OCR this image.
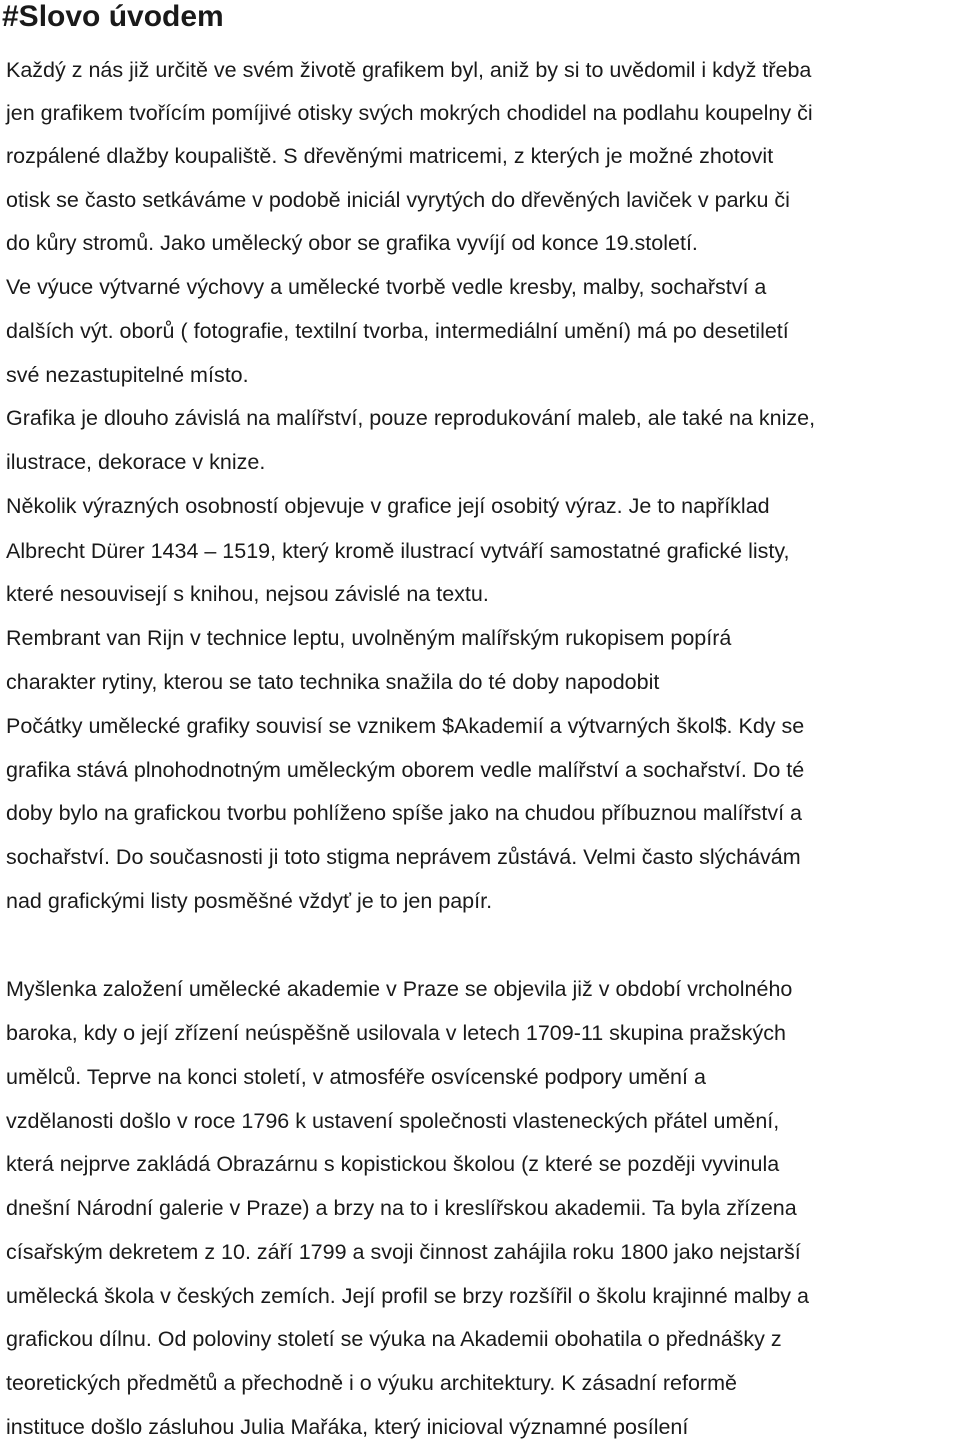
#Slovo úvodem

Každý z nás již určitě ve svém životě grafikem byl, aniž by si to uvědomil i když třeba

jen grafikem tvořícím pomíjivé otisky svých mokrých chodidel na podlahu koupelny či

rozpálené dlažby koupaliště. S dřevěnými matricemi, z kterých je možné zhotovit

otisk se často setkáváme v podobě iniciál vyrytých do dřevěných laviček v parku či

do kůry stromů. Jako umělecký obor se grafika vyvíjí od konce 19.století.

Ve výuce výtvarné výchovy a umělecké tvorbě vedle kresby, malby, sochařství a

dalších výt. oborů ( fotografie, textilní tvorba, intermediální umění) má po desetiletí

své nezastupitelné místo.

Grafika je dlouho závislá na malířství, pouze reprodukování maleb, ale také na knize,

ilustrace, dekorace v knize.

Několik výrazných osobností objevuje v grafice její osobitý výraz. Je to například

Albrecht Dürer 1434 – 1519, který kromě ilustrací vytváří samostatné grafické listy,

které nesouvisejí s knihou, nejsou závislé na textu.

Rembrant van Rijn v technice leptu, uvolněným malířským rukopisem popírá

charakter rytiny, kterou se tato technika snažila do té doby napodobit

Počátky umělecké grafiky souvisí se vznikem $Akademií a výtvarných škol$. Kdy se

grafika stává plnohodnotným uměleckým oborem vedle malířství a sochařství. Do té

doby bylo na grafickou tvorbu pohlíženo spíše jako na chudou příbuznou malířství a

sochařství. Do současnosti ji toto stigma neprávem zůstává. Velmi často slýchávám

nad grafickými listy posměšné vždyť je to jen papír.

Myšlenka založení umělecké akademie v Praze se objevila již v období vrcholného

baroka, kdy o její zřízení neúspěšně usilovala v letech 1709-11 skupina pražských

umělců. Teprve na konci století, v atmosféře osvícenské podpory umění a

vzdělanosti došlo v roce 1796 k ustavení společnosti vlasteneckých přátel umění,

která nejprve zakládá Obrazárnu s kopistickou školou (z které se později vyvinula

dnešní Národní galerie v Praze) a brzy na to i kreslířskou akademii. Ta byla zřízena

císařským dekretem z 10. září 1799 a svoji činnost zahájila roku 1800 jako nejstarší

umělecká škola v českých zemích. Její profil se brzy rozšířil o školu krajinné malby a

grafickou dílnu. Od poloviny století se výuka na Akademii obohatila o přednášky z

teoretických předmětů a přechodně i o výuku architektury. K zásadní reformě

instituce došlo zásluhou Julia Mařáka, který inicioval významné posílení
